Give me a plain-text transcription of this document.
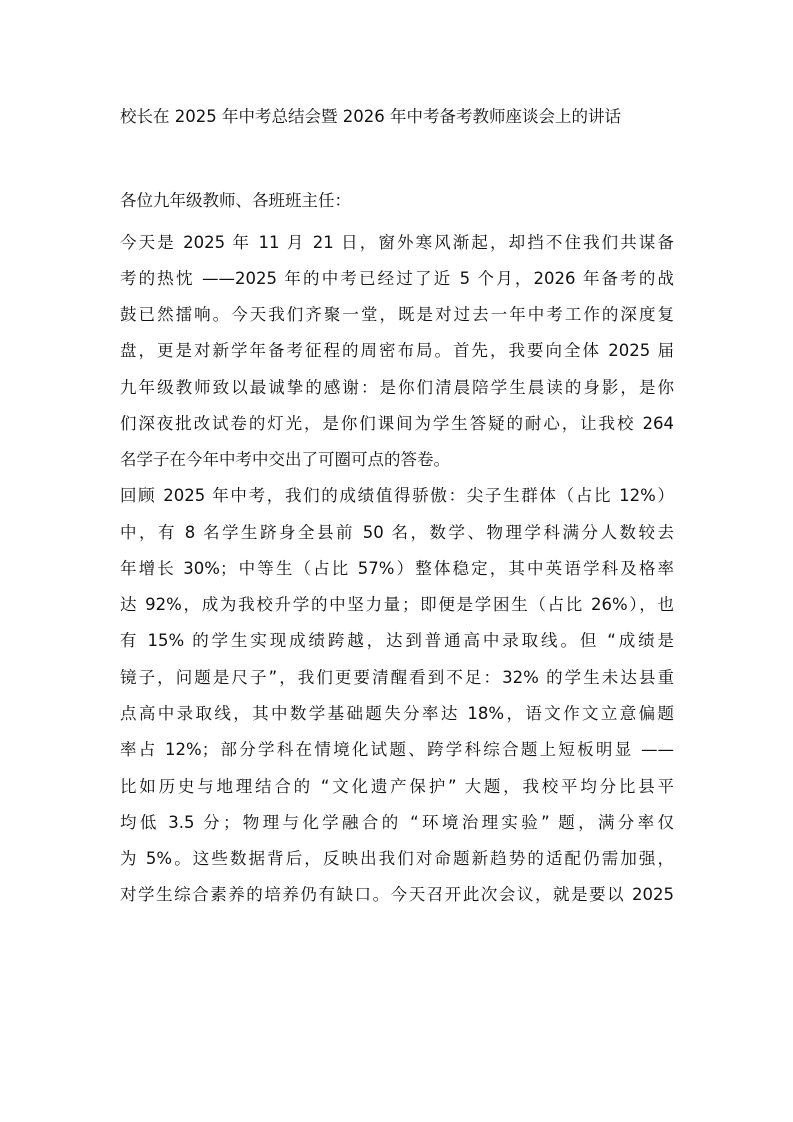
校长在 2025 年中考总结会暨 2026 年中考备考教师座谈会上的讲话
各位九年级教师、各班班主任：
今天是 2025 年 11 月 21 日，窗外寒风渐起，却挡不住我们共谋备
考的热忱 ——2025 年的中考已经过了近 5 个月，2026 年备考的战
鼓已然擂响。今天我们齐聚一堂，既是对过去一年中考工作的深度复
盘，更是对新学年备考征程的周密布局。首先，我要向全体 2025 届
九年级教师致以最诚挚的感谢：是你们清晨陪学生晨读的身影，是你
们深夜批改试卷的灯光，是你们课间为学生答疑的耐心，让我校 264
名学子在今年中考中交出了可圈可点的答卷。
回顾 2025 年中考，我们的成绩值得骄傲：尖子生群体（占比 12%）
中，有 8 名学生跻身全县前 50 名，数学、物理学科满分人数较去
年增长 30%；中等生（占比 57%）整体稳定，其中英语学科及格率
达 92%，成为我校升学的中坚力量；即便是学困生（占比 26%），也
有 15% 的学生实现成绩跨越，达到普通高中录取线。但 “成绩是
镜子，问题是尺子”，我们更要清醒看到不足：32% 的学生未达县重
点高中录取线，其中数学基础题失分率达 18%，语文作文立意偏题
率占 12%；部分学科在情境化试题、跨学科综合题上短板明显 ——
比如历史与地理结合的 “文化遗产保护” 大题，我校平均分比县平
均低 3.5 分；物理与化学融合的 “环境治理实验” 题，满分率仅
为 5%。这些数据背后，反映出我们对命题新趋势的适配仍需加强，
对学生综合素养的培养仍有缺口。今天召开此次会议，就是要以 2025
